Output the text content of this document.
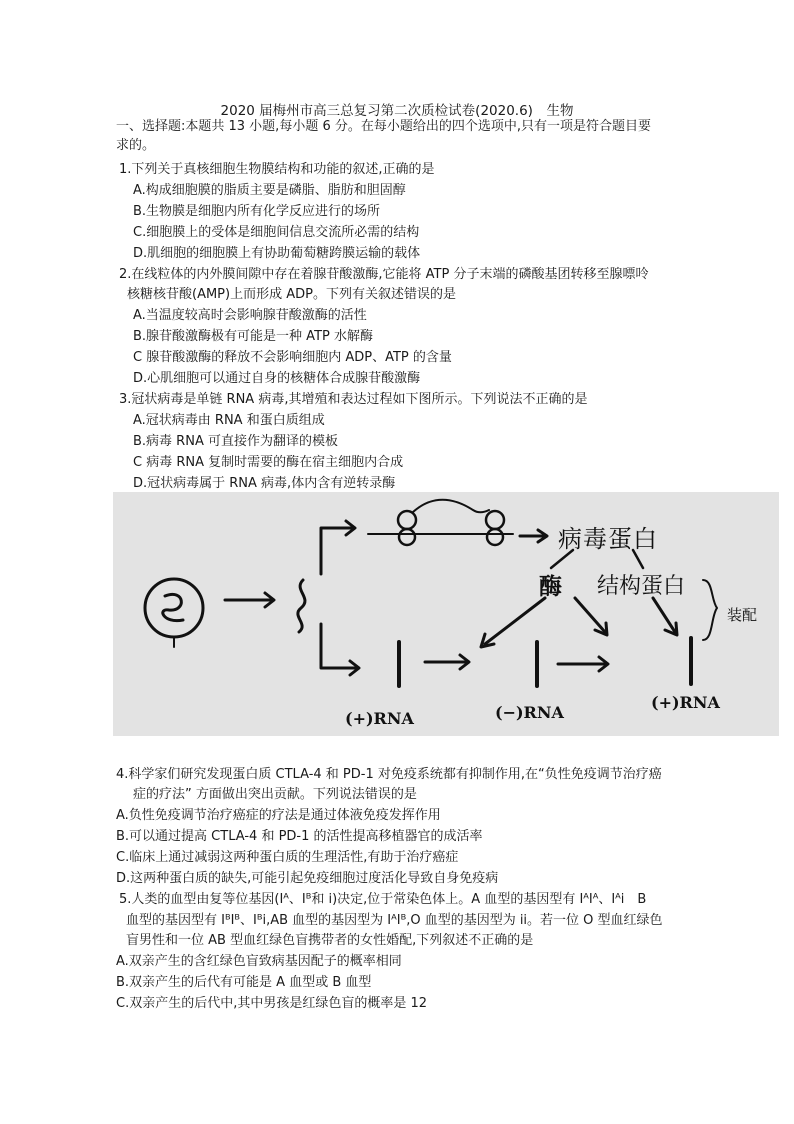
2020 届梅州市高三总复习第二次质检试卷(2020.6)　生物
一、选择题:本题共 13 小题,每小题 6 分。在每小题给出的四个选项中,只有一项是符合题目要
求的。
1.下列关于真核细胞生物膜结构和功能的叙述,正确的是
A.构成细胞膜的脂质主要是磷脂、脂肪和胆固醇
B.生物膜是细胞内所有化学反应进行的场所
C.细胞膜上的受体是细胞间信息交流所必需的结构
D.肌细胞的细胞膜上有协助葡萄糖跨膜运输的载体
2.在线粒体的内外膜间隙中存在着腺苷酸激酶,它能将 ATP 分子末端的磷酸基团转移至腺嘌呤
核糖核苷酸(AMP)上而形成 ADP。下列有关叙述错误的是
A.当温度较高时会影响腺苷酸激酶的活性
B.腺苷酸激酶极有可能是一种 ATP 水解酶
C 腺苷酸激酶的释放不会影响细胞内 ADP、ATP 的含量
D.心肌细胞可以通过自身的核糖体合成腺苷酸激酶
3.冠状病毒是单链 RNA 病毒,其增殖和表达过程如下图所示。下列说法不正确的是
A.冠状病毒由 RNA 和蛋白质组成
B.病毒 RNA 可直接作为翻译的模板
C 病毒 RNA 复制时需要的酶在宿主细胞内合成
D.冠状病毒属于 RNA 病毒,体内含有逆转录酶
病毒蛋白
酶 结构蛋白
装配
(+)RNA	(−)RNA
(+)RNA
4.科学家们研究发现蛋白质 CTLA-4 和 PD-1 对免疫系统都有抑制作用,在“负性免疫调节治疗癌
症的疗法” 方面做出突出贡献。下列说法错误的是
A.负性免疫调节治疗癌症的疗法是通过体液免疫发挥作用
B.可以通过提高 CTLA-4 和 PD-1 的活性提高移植器官的成活率
C.临床上通过减弱这两种蛋白质的生理活性,有助于治疗癌症
D.这两种蛋白质的缺失,可能引起免疫细胞过度活化导致自身免疫病
5.人类的血型由复等位基因(Iᴬ、Iᴮ和 i)决定,位于常染色体上。A 血型的基因型有 IᴬIᴬ、Iᴬi　B
血型的基因型有 IᴮIᴮ、Iᴮi,AB 血型的基因型为 IᴬIᴮ,O 血型的基因型为 ii。若一位 O 型血红绿色
盲男性和一位 AB 型血红绿色盲携带者的女性婚配,下列叙述不正确的是
A.双亲产生的含红绿色盲致病基因配子的概率相同
B.双亲产生的后代有可能是 A 血型或 B 血型
C.双亲产生的后代中,其中男孩是红绿色盲的概率是 12
